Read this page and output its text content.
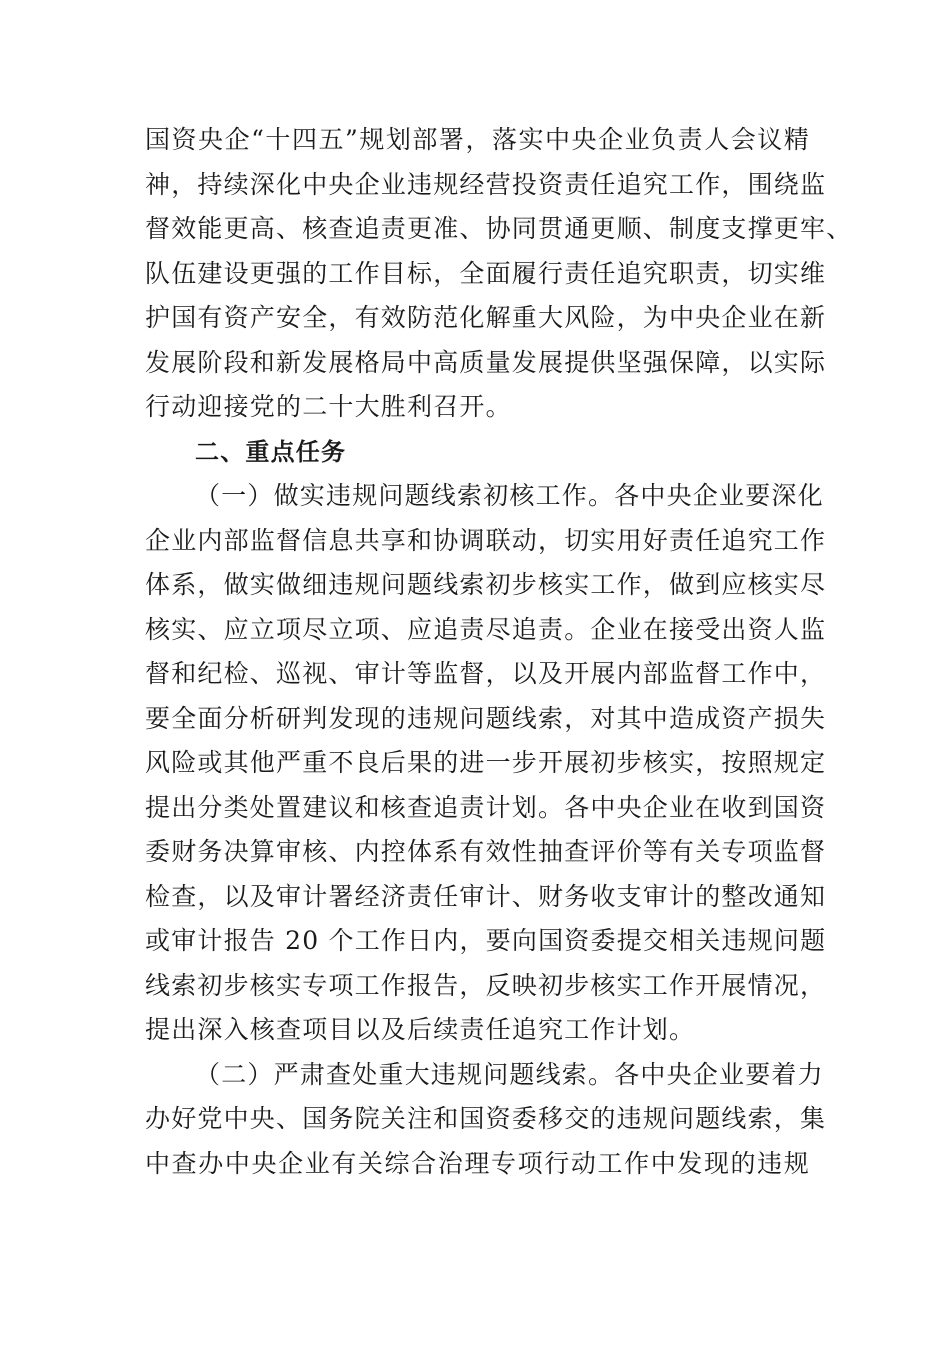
国资央企“十四五”规划部署，落实中央企业负责人会议精
神，持续深化中央企业违规经营投资责任追究工作，围绕监
督效能更高、核查追责更准、协同贯通更顺、制度支撑更牢、
队伍建设更强的工作目标，全面履行责任追究职责，切实维
护国有资产安全，有效防范化解重大风险，为中央企业在新
发展阶段和新发展格局中高质量发展提供坚强保障，以实际
行动迎接党的二十大胜利召开。
二、重点任务
（一）做实违规问题线索初核工作。各中央企业要深化
企业内部监督信息共享和协调联动，切实用好责任追究工作
体系，做实做细违规问题线索初步核实工作，做到应核实尽
核实、应立项尽立项、应追责尽追责。企业在接受出资人监
督和纪检、巡视、审计等监督，以及开展内部监督工作中，
要全面分析研判发现的违规问题线索，对其中造成资产损失
风险或其他严重不良后果的进一步开展初步核实，按照规定
提出分类处置建议和核查追责计划。各中央企业在收到国资
委财务决算审核、内控体系有效性抽查评价等有关专项监督
检查，以及审计署经济责任审计、财务收支审计的整改通知
或审计报告 20 个工作日内，要向国资委提交相关违规问题
线索初步核实专项工作报告，反映初步核实工作开展情况，
提出深入核查项目以及后续责任追究工作计划。
（二）严肃查处重大违规问题线索。各中央企业要着力
办好党中央、国务院关注和国资委移交的违规问题线索，集
中查办中央企业有关综合治理专项行动工作中发现的违规
